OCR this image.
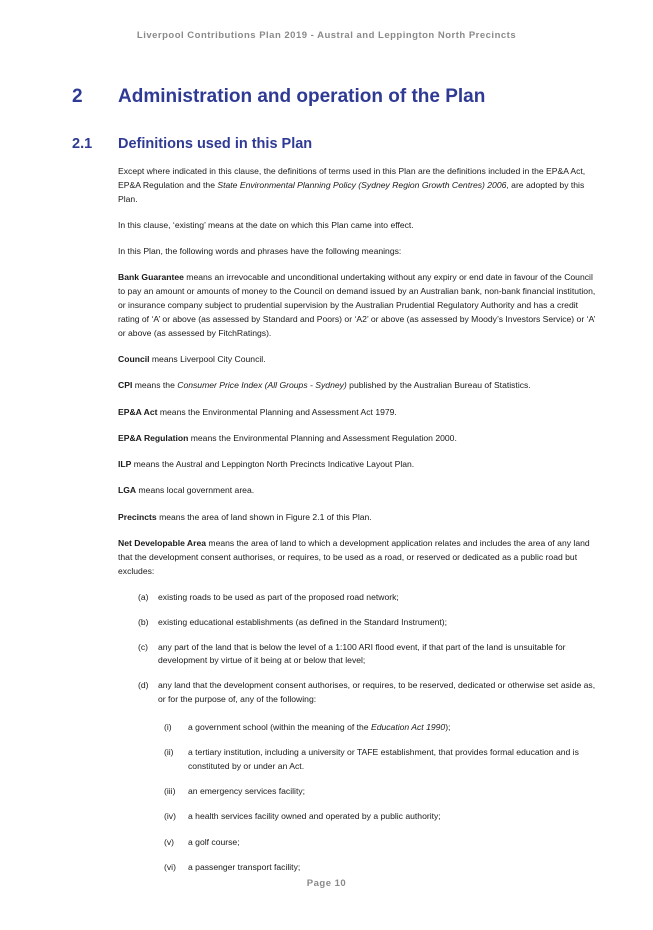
Liverpool Contributions Plan 2019 - Austral and Leppington North Precincts
2 Administration and operation of the Plan
2.1 Definitions used in this Plan

Except where indicated in this clause, the definitions of terms used in this Plan are the definitions included in the EP&A Act, EP&A Regulation and the State Environmental Planning Policy (Sydney Region Growth Centres) 2006, are adopted by this Plan.

In this clause, ‘existing’ means at the date on which this Plan came into effect.

In this Plan, the following words and phrases have the following meanings:

Bank Guarantee means an irrevocable and unconditional undertaking without any expiry or end date in favour of the Council to pay an amount or amounts of money to the Council on demand issued by an Australian bank, non-bank financial institution, or insurance company subject to prudential supervision by the Australian Prudential Regulatory Authority and has a credit rating of ‘A’ or above (as assessed by Standard and Poors) or ‘A2’ or above (as assessed by Moody’s Investors Service) or ‘A’ or above (as assessed by FitchRatings).

Council means Liverpool City Council.

CPI means the Consumer Price Index (All Groups - Sydney) published by the Australian Bureau of Statistics.

EP&A Act means the Environmental Planning and Assessment Act 1979.

EP&A Regulation means the Environmental Planning and Assessment Regulation 2000.

ILP means the Austral and Leppington North Precincts Indicative Layout Plan.

LGA means local government area.

Precincts means the area of land shown in Figure 2.1 of this Plan.

Net Developable Area means the area of land to which a development application relates and includes the area of any land that the development consent authorises, or requires, to be used as a road, or reserved or dedicated as a public road but excludes:

(a) existing roads to be used as part of the proposed road network;
(b) existing educational establishments (as defined in the Standard Instrument);
(c) any part of the land that is below the level of a 1:100 ARI flood event, if that part of the land is unsuitable for development by virtue of it being at or below that level;
(d) any land that the development consent authorises, or requires, to be reserved, dedicated or otherwise set aside as, or for the purpose of, any of the following:
(i) a government school (within the meaning of the Education Act 1990);
(ii) a tertiary institution, including a university or TAFE establishment, that provides formal education and is constituted by or under an Act.
(iii) an emergency services facility;
(iv) a health services facility owned and operated by a public authority;
(v) a golf course;
(vi) a passenger transport facility;
Page 10
